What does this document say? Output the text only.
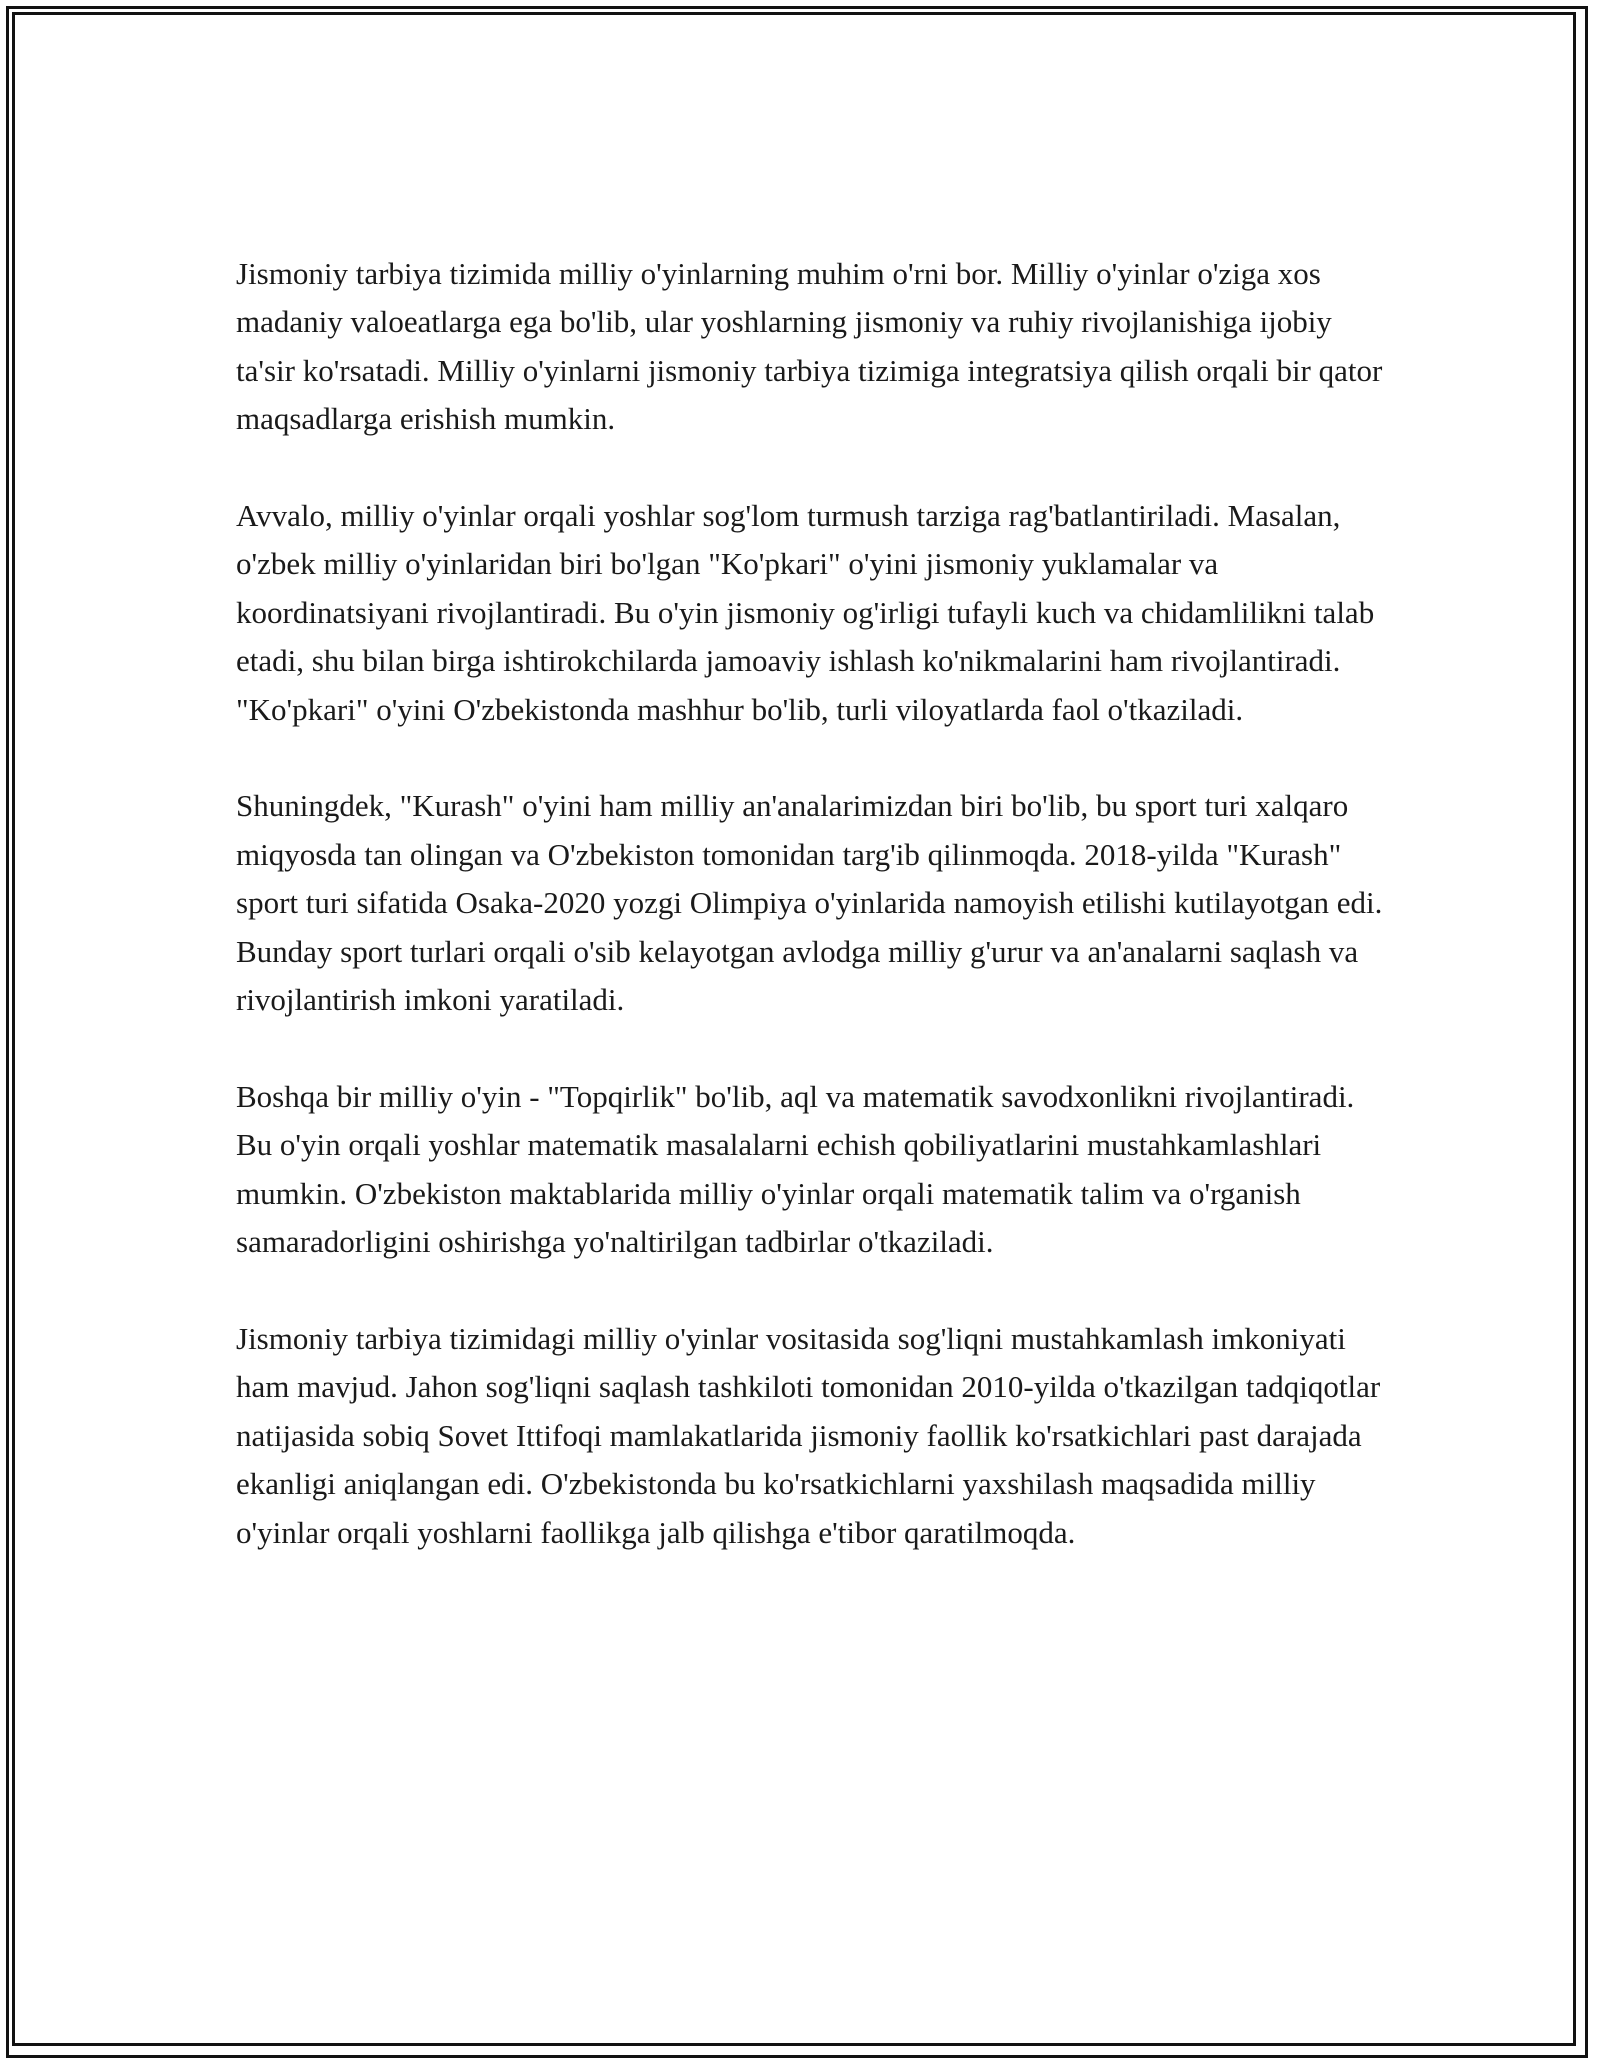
Jismoniy tarbiya tizimida milliy o'yinlarning muhim o'rni bor. Milliy o'yinlar o'ziga xos madaniy valoeatlarga ega bo'lib, ular yoshlarning jismoniy va ruhiy rivojlanishiga ijobiy ta'sir ko'rsatadi. Milliy o'yinlarni jismoniy tarbiya tizimiga integratsiya qilish orqali bir qator maqsadlarga erishish mumkin.

Avvalo, milliy o'yinlar orqali yoshlar sog'lom turmush tarziga rag'batlantiriladi. Masalan, o'zbek milliy o'yinlaridan biri bo'lgan "Ko'pkari" o'yini jismoniy yuklamalar va koordinatsiyani rivojlantiradi. Bu o'yin jismoniy og'irligi tufayli kuch va chidamlilikni talab etadi, shu bilan birga ishtirokchilarda jamoaviy ishlash ko'nikmalarini ham rivojlantiradi. "Ko'pkari" o'yini O'zbekistonda mashhur bo'lib, turli viloyatlarda faol o'tkaziladi.

Shuningdek, "Kurash" o'yini ham milliy an'analarimizdan biri bo'lib, bu sport turi xalqaro miqyosda tan olingan va O'zbekiston tomonidan targ'ib qilinmoqda. 2018-yilda "Kurash" sport turi sifatida Osaka-2020 yozgi Olimpiya o'yinlarida namoyish etilishi kutilayotgan edi. Bunday sport turlari orqali o'sib kelayotgan avlodga milliy g'urur va an'analarni saqlash va rivojlantirish imkoni yaratiladi.

Boshqa bir milliy o'yin - "Topqirlik" bo'lib, aql va matematik savodxonlikni rivojlantiradi. Bu o'yin orqali yoshlar matematik masalalarni echish qobiliyatlarini mustahkamlashlari mumkin. O'zbekiston maktablarida milliy o'yinlar orqali matematik talim va o'rganish samaradorligini oshirishga yo'naltirilgan tadbirlar o'tkaziladi.

Jismoniy tarbiya tizimidagi milliy o'yinlar vositasida sog'liqni mustahkamlash imkoniyati ham mavjud. Jahon sog'liqni saqlash tashkiloti tomonidan 2010-yilda o'tkazilgan tadqiqotlar natijasida sobiq Sovet Ittifoqi mamlakatlarida jismoniy faollik ko'rsatkichlari past darajada ekanligi aniqlangan edi. O'zbekistonda bu ko'rsatkichlarni yaxshilash maqsadida milliy o'yinlar orqali yoshlarni faollikga jalb qilishga e'tibor qaratilmoqda.
